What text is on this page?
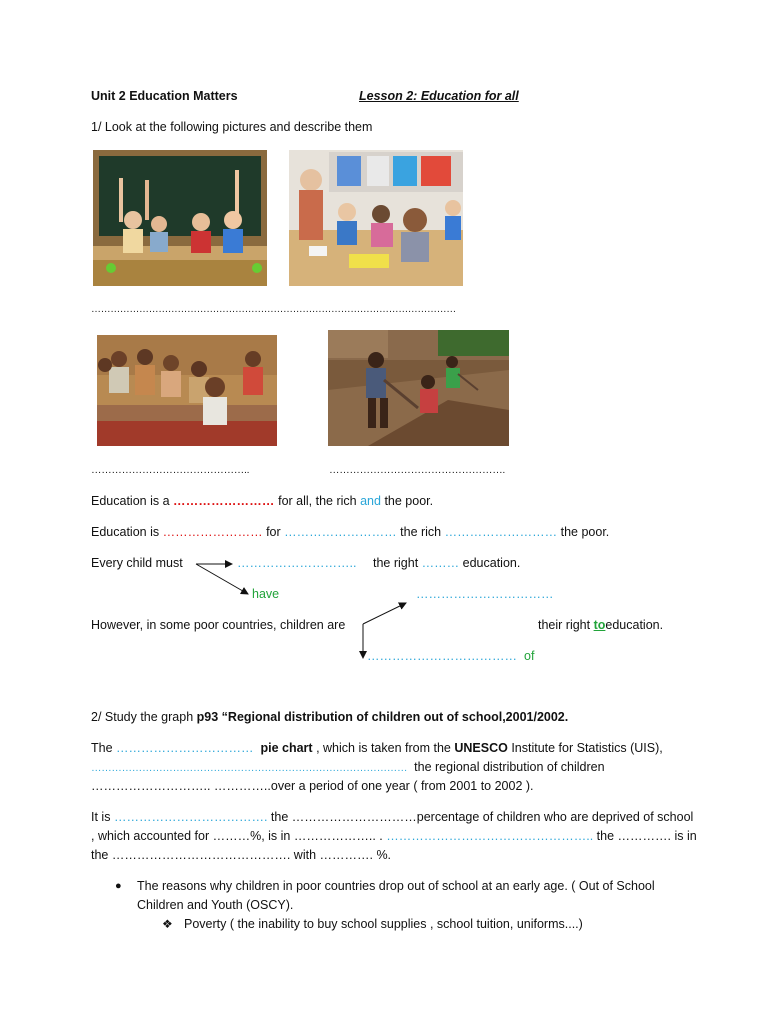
Unit 2 Education Matters	Lesson 2: Education for all
1/ Look at the following pictures and describe them
……………………………………………………………………………………………………
………………………………………..	…………………………………………….
Education is a …………………… for all, the rich and the poor.
Education is …………………… for ……………………… the rich ……………………… the poor.
Every child must	……………………….. the right ……… education.
have	……………………………
However, in some poor countries, children are	their right toeducation.
……………………………… of
2/ Study the graph p93 “Regional distribution of children out of school,2001/2002.
The …………………………… pie chart , which is taken from the UNESCO Institute for Statistics (UIS),
………………………………………………………………………………… the regional distribution of children
……………………….. …………..over a period of one year ( from 2001 to 2002 ).
It is ………………………………. the …………………………percentage of children who are deprived of school
, which accounted for ………%, is in ……………….. . ………………………………………….. the …………. is in
the ……………………………………. with …………. %.
● The reasons why children in poor countries drop out of school at an early age. ( Out of School
Children and Youth (OSCY).
❖ Poverty ( the inability to buy school supplies , school tuition, uniforms....)
